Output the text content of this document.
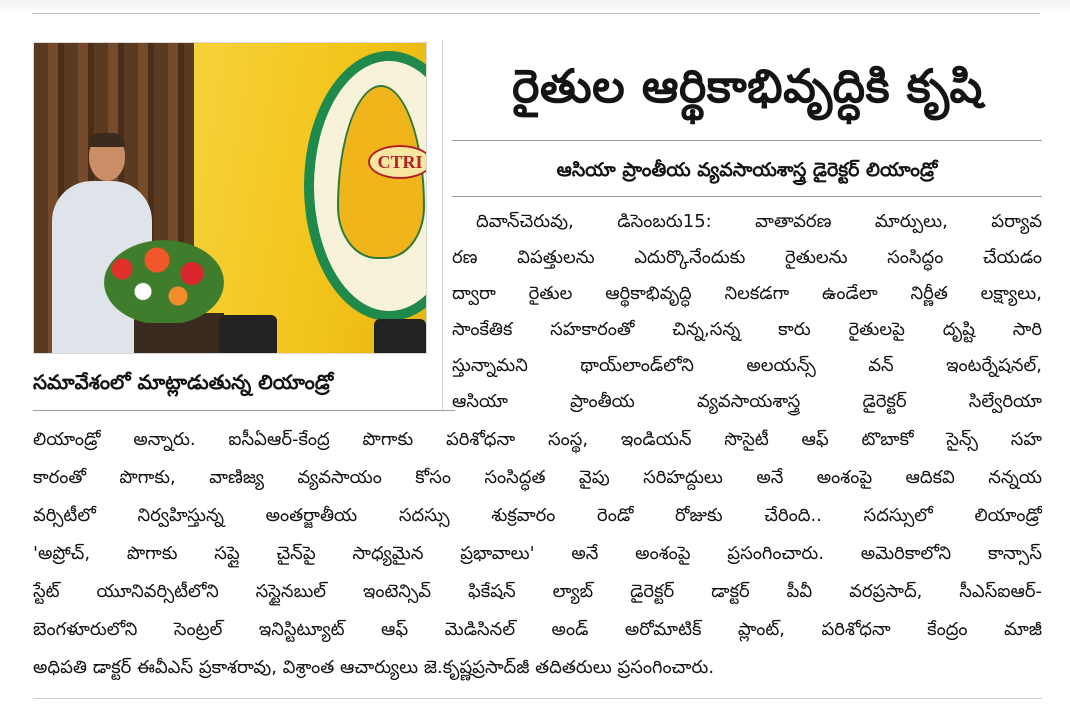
CTRI
సమావేశంలో మాట్లాడుతున్న లియాండ్రో
రైతుల ఆర్థికాభివృద్ధికి కృషి
ఆసియా ప్రాంతీయ వ్యవసాయశాస్త్ర డైరెక్టర్ లియాండ్రో
దివాన్‌చెరువు, డిసెంబరు15: వాతావరణ మార్పులు, పర్యావ
రణ విపత్తులను ఎదుర్కొనేందుకు రైతులను సంసిద్ధం చేయడం
ద్వారా రైతుల ఆర్థికాభివృద్ధి నిలకడగా ఉండేలా నిర్ణీత లక్ష్యాలు,
సాంకేతిక సహకారంతో చిన్న,సన్న కారు రైతులపై దృష్టి సారి
స్తున్నామని థాయ్‌లాండ్‌లోని అలయన్స్ వన్ ఇంటర్నేషనల్,
ఆసియా ప్రాంతీయ వ్యవసాయశాస్త్ర డైరెక్టర్ సిల్వేరియా
లియాండ్రో అన్నారు. ఐసీఏఆర్-కేంద్ర పొగాకు పరిశోధనా సంస్థ, ఇండియన్ సొసైటీ ఆఫ్ టొబాకో సైన్స్ సహ
కారంతో పొగాకు, వాణిజ్య వ్యవసాయం కోసం సంసిద్ధత వైపు సరిహద్దులు అనే అంశంపై ఆదికవి నన్నయ
వర్సిటీలో నిర్వహిస్తున్న అంతర్జాతీయ సదస్సు శుక్రవారం రెండో రోజుకు చేరింది.. సదస్సులో లియాండ్రో
'అప్రోచ్, పొగాకు సప్లై చైన్‌పై సాధ్యమైన ప్రభావాలు' అనే అంశంపై ప్రసంగించారు. అమెరికాలోని కాన్సాస్
స్టేట్ యూనివర్సిటీలోని సస్టైనబుల్ ఇంటెన్సివ్ ఫికేషన్ ల్యాబ్ డైరెక్టర్ డాక్టర్ పీవీ వరప్రసాద్, సీఎస్ఐఆర్-
బెంగళూరులోని సెంట్రల్ ఇనిస్టిట్యూట్ ఆఫ్ మెడిసినల్ అండ్ అరోమాటిక్ ప్లాంట్, పరిశోధనా కేంద్రం మాజీ
అధిపతి డాక్టర్ ఈవీఎస్ ప్రకాశరావు, విశ్రాంత ఆచార్యులు జె.కృష్ణప్రసాద్‌జీ తదితరులు ప్రసంగించారు.
